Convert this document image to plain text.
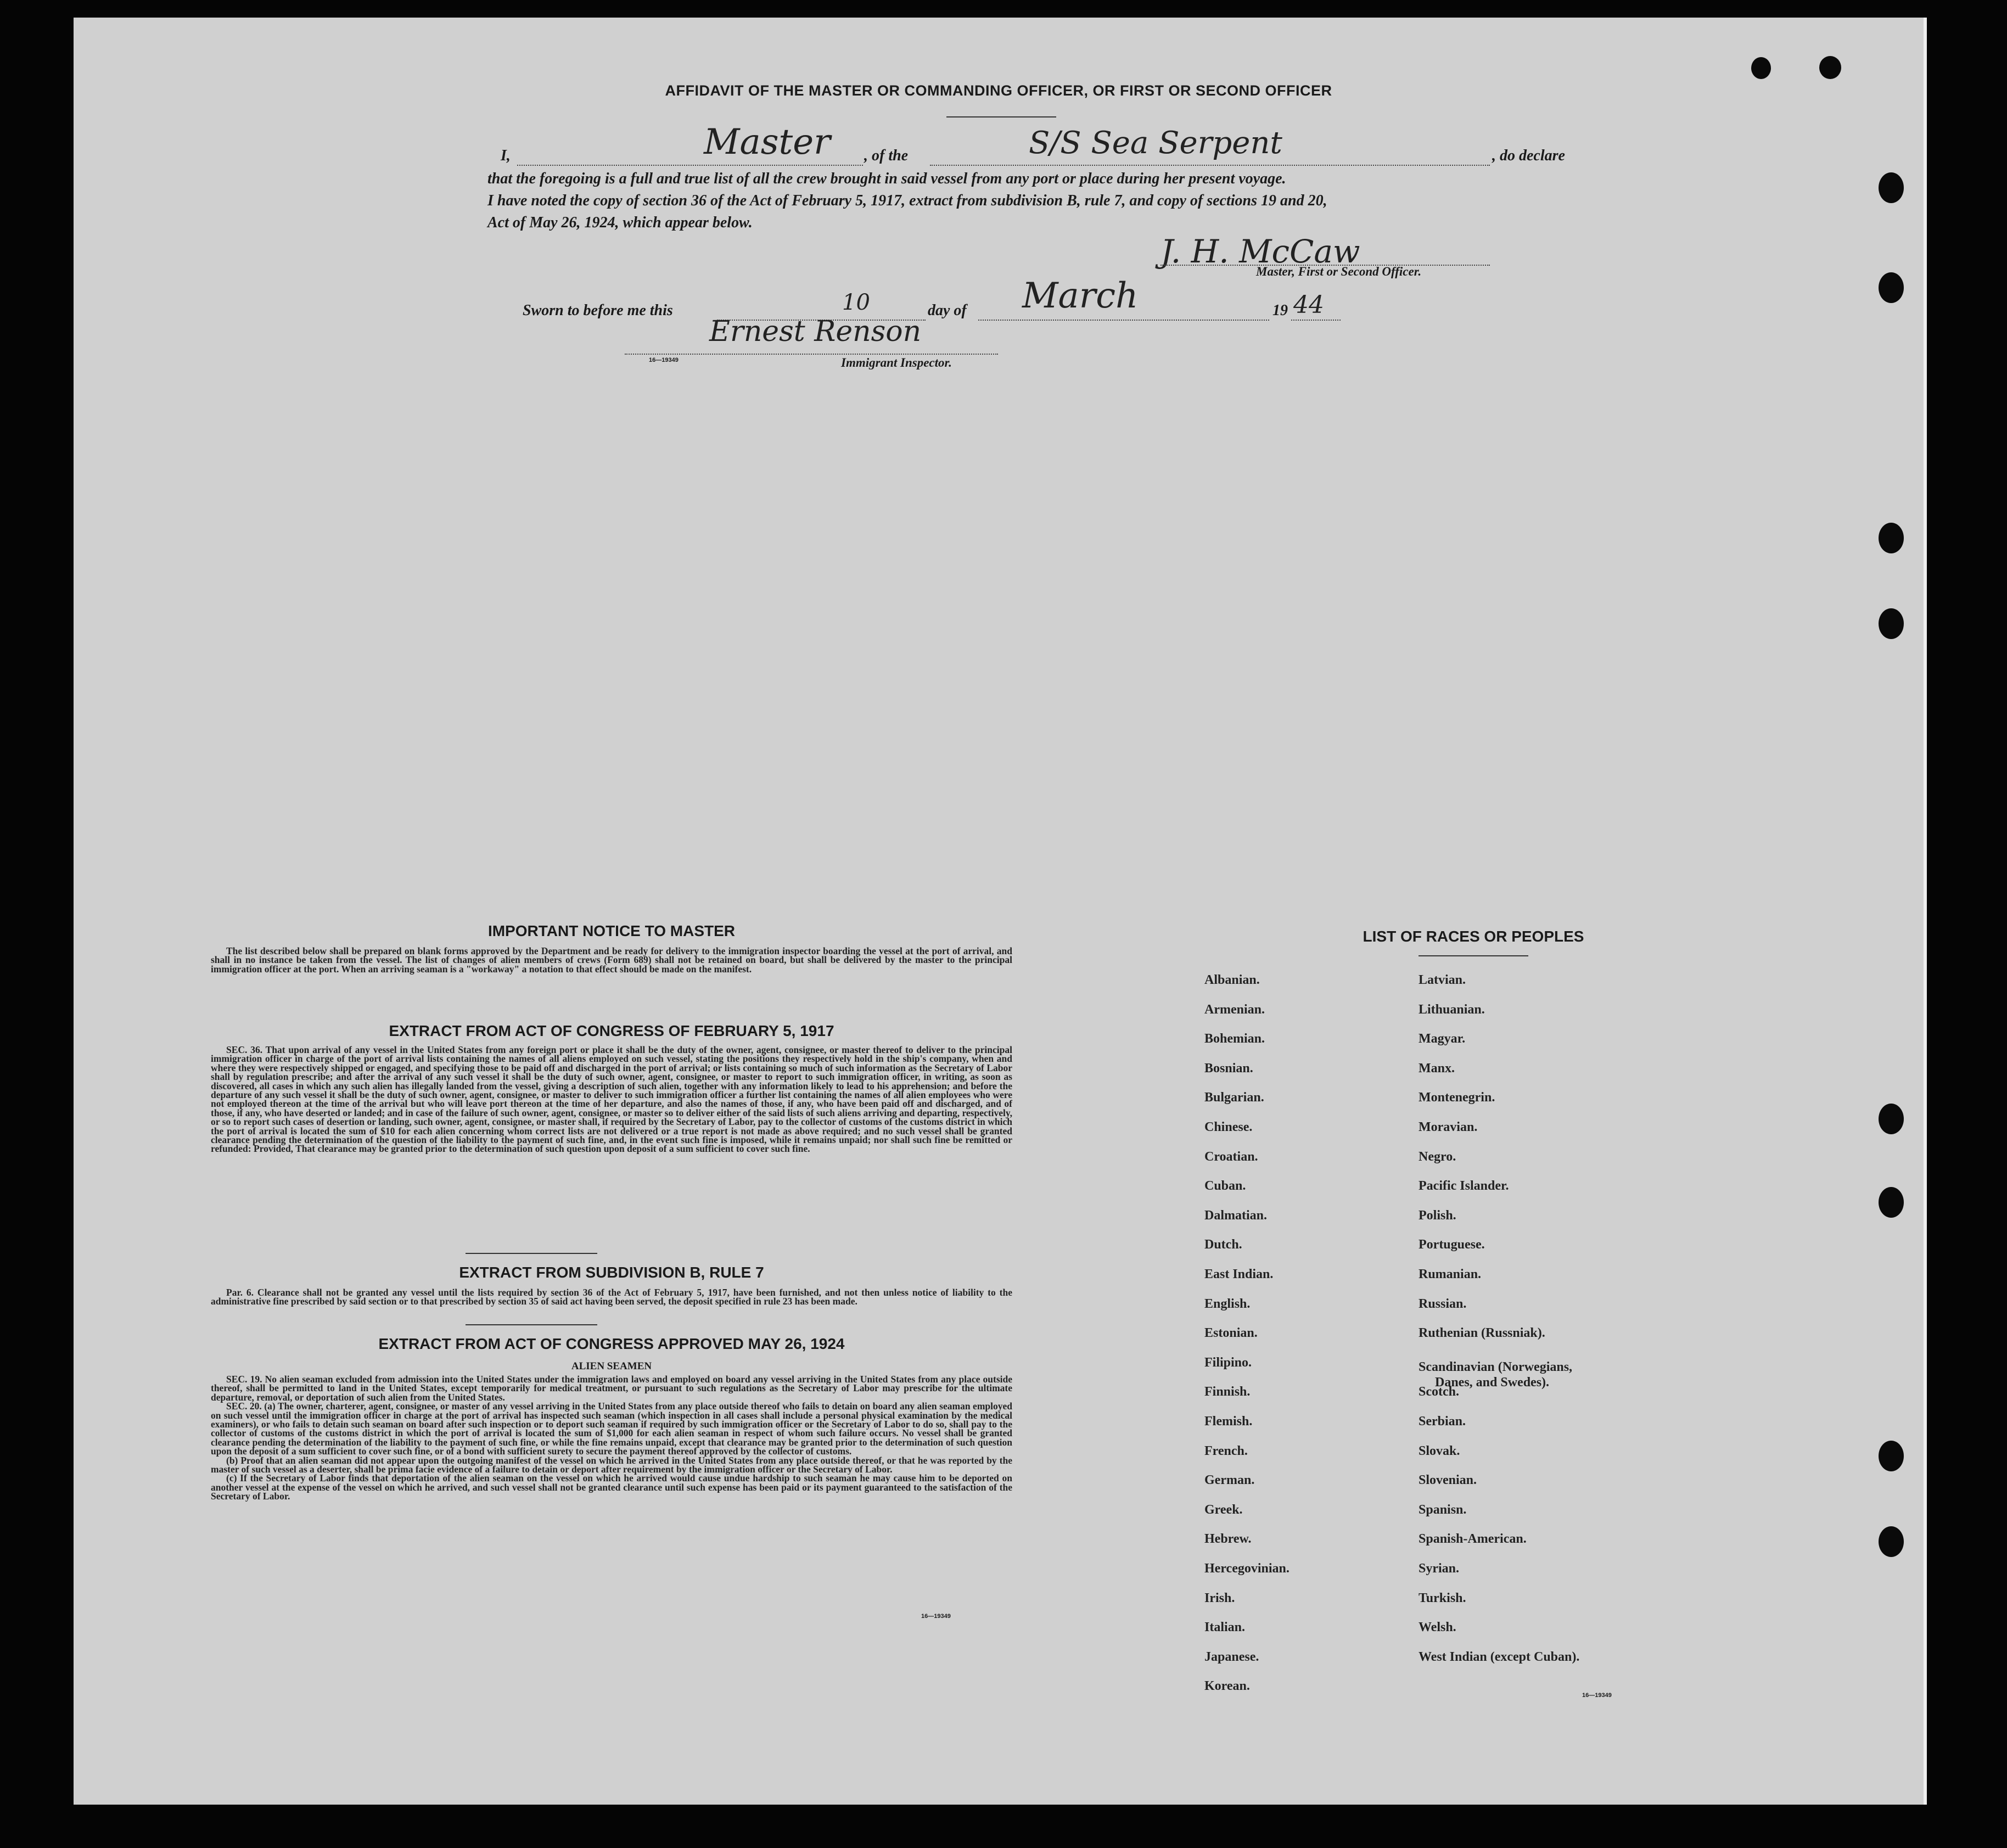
AFFIDAVIT OF THE MASTER OR COMMANDING OFFICER, OR FIRST OR SECOND OFFICER
I,	Master , of the	S/S Sea Serpent	, do declare
that the foregoing is a full and true list of all the crew brought in said vessel from any port or place during her present voyage.
I have noted the copy of section 36 of the Act of February 5, 1917, extract from subdivision B, rule 7, and copy of sections 19 and 20,
Act of May 26, 1924, which appear below.
J. H. McCaw
Master, First or Second Officer.
Sworn to before me this	10	day of March	19 44
Ernest Renson
16—19349	Immigrant Inspector.
IMPORTANT NOTICE TO MASTER

The list described below shall be prepared on blank forms approved by the Department and be ready for delivery to the immigration inspector boarding the vessel at the port of arrival, and shall in no instance be taken from the vessel. The list of changes of alien members of crews (Form 689) shall not be retained on board, but shall be delivered by the master to the principal immigration officer at the port. When an arriving seaman is a "workaway" a notation to that effect should be made on the manifest.

EXTRACT FROM ACT OF CONGRESS OF FEBRUARY 5, 1917

SEC. 36. That upon arrival of any vessel in the United States from any foreign port or place it shall be the duty of the owner, agent, consignee, or master thereof to deliver to the principal immigration officer in charge of the port of arrival lists containing the names of all aliens employed on such vessel, stating the positions they respectively hold in the ship's company, when and where they were respectively shipped or engaged, and specifying those to be paid off and discharged in the port of arrival; or lists containing so much of such information as the Secretary of Labor shall by regulation prescribe; and after the arrival of any such vessel it shall be the duty of such owner, agent, consignee, or master to report to such immigration officer, in writing, as soon as discovered, all cases in which any such alien has illegally landed from the vessel, giving a description of such alien, together with any information likely to lead to his apprehension; and before the departure of any such vessel it shall be the duty of such owner, agent, consignee, or master to deliver to such immigration officer a further list containing the names of all alien employees who were not employed thereon at the time of the arrival but who will leave port thereon at the time of her departure, and also the names of those, if any, who have been paid off and discharged, and of those, if any, who have deserted or landed; and in case of the failure of such owner, agent, consignee, or master so to deliver either of the said lists of such aliens arriving and departing, respectively, or so to report such cases of desertion or landing, such owner, agent, consignee, or master shall, if required by the Secretary of Labor, pay to the collector of customs of the customs district in which the port of arrival is located the sum of $10 for each alien concerning whom correct lists are not delivered or a true report is not made as above required; and no such vessel shall be granted clearance pending the determination of the question of the liability to the payment of such fine, and, in the event such fine is imposed, while it remains unpaid; nor shall such fine be remitted or refunded: Provided, That clearance may be granted prior to the determination of such question upon deposit of a sum sufficient to cover such fine.

EXTRACT FROM SUBDIVISION B, RULE 7

Par. 6. Clearance shall not be granted any vessel until the lists required by section 36 of the Act of February 5, 1917, have been furnished, and not then unless notice of liability to the administrative fine prescribed by said section or to that prescribed by section 35 of said act having been served, the deposit specified in rule 23 has been made.

EXTRACT FROM ACT OF CONGRESS APPROVED MAY 26, 1924
ALIEN SEAMEN

SEC. 19. No alien seaman excluded from admission into the United States under the immigration laws and employed on board any vessel arriving in the United States from any place outside thereof, shall be permitted to land in the United States, except temporarily for medical treatment, or pursuant to such regulations as the Secretary of Labor may prescribe for the ultimate departure, removal, or deportation of such alien from the United States.

SEC. 20. (a) The owner, charterer, agent, consignee, or master of any vessel arriving in the United States from any place outside thereof who fails to detain on board any alien seaman employed on such vessel until the immigration officer in charge at the port of arrival has inspected such seaman (which inspection in all cases shall include a personal physical examination by the medical examiners), or who fails to detain such seaman on board after such inspection or to deport such seaman if required by such immigration officer or the Secretary of Labor to do so, shall pay to the collector of customs of the customs district in which the port of arrival is located the sum of $1,000 for each alien seaman in respect of whom such failure occurs. No vessel shall be granted clearance pending the determination of the liability to the payment of such fine, or while the fine remains unpaid, except that clearance may be granted prior to the determination of such question upon the deposit of a sum sufficient to cover such fine, or of a bond with sufficient surety to secure the payment thereof approved by the collector of customs.

(b) Proof that an alien seaman did not appear upon the outgoing manifest of the vessel on which he arrived in the United States from any place outside thereof, or that he was reported by the master of such vessel as a deserter, shall be prima facie evidence of a failure to detain or deport after requirement by the immigration officer or the Secretary of Labor.

(c) If the Secretary of Labor finds that deportation of the alien seaman on the vessel on which he arrived would cause undue hardship to such seaman he may cause him to be deported on another vessel at the expense of the vessel on which he arrived, and such vessel shall not be granted clearance until such expense has been paid or its payment guaranteed to the satisfaction of the Secretary of Labor.

16—19349
LIST OF RACES OR PEOPLES
Albanian.
Armenian.
Bohemian.
Bosnian.
Bulgarian.
Chinese.
Croatian.
Cuban.
Dalmatian.
Dutch.
East Indian.
English.
Estonian.
Filipino.
Finnish.
Flemish.
French.
German.
Greek.
Hebrew.
Hercegovinian.
Irish.
Italian.
Japanese.
Korean.
Latvian.
Lithuanian.
Magyar.
Manx.
Montenegrin.
Moravian.
Negro.
Pacific Islander.
Polish.
Portuguese.
Rumanian.
Russian.
Ruthenian (Russniak).
Scandinavian (Norwegians,
Danes, and Swedes).
Scotch.
Serbian.
Slovak.
Slovenian.
Spanisn.
Spanish-American.
Syrian.
Turkish.
Welsh.
West Indian (except Cuban).
16—19349
